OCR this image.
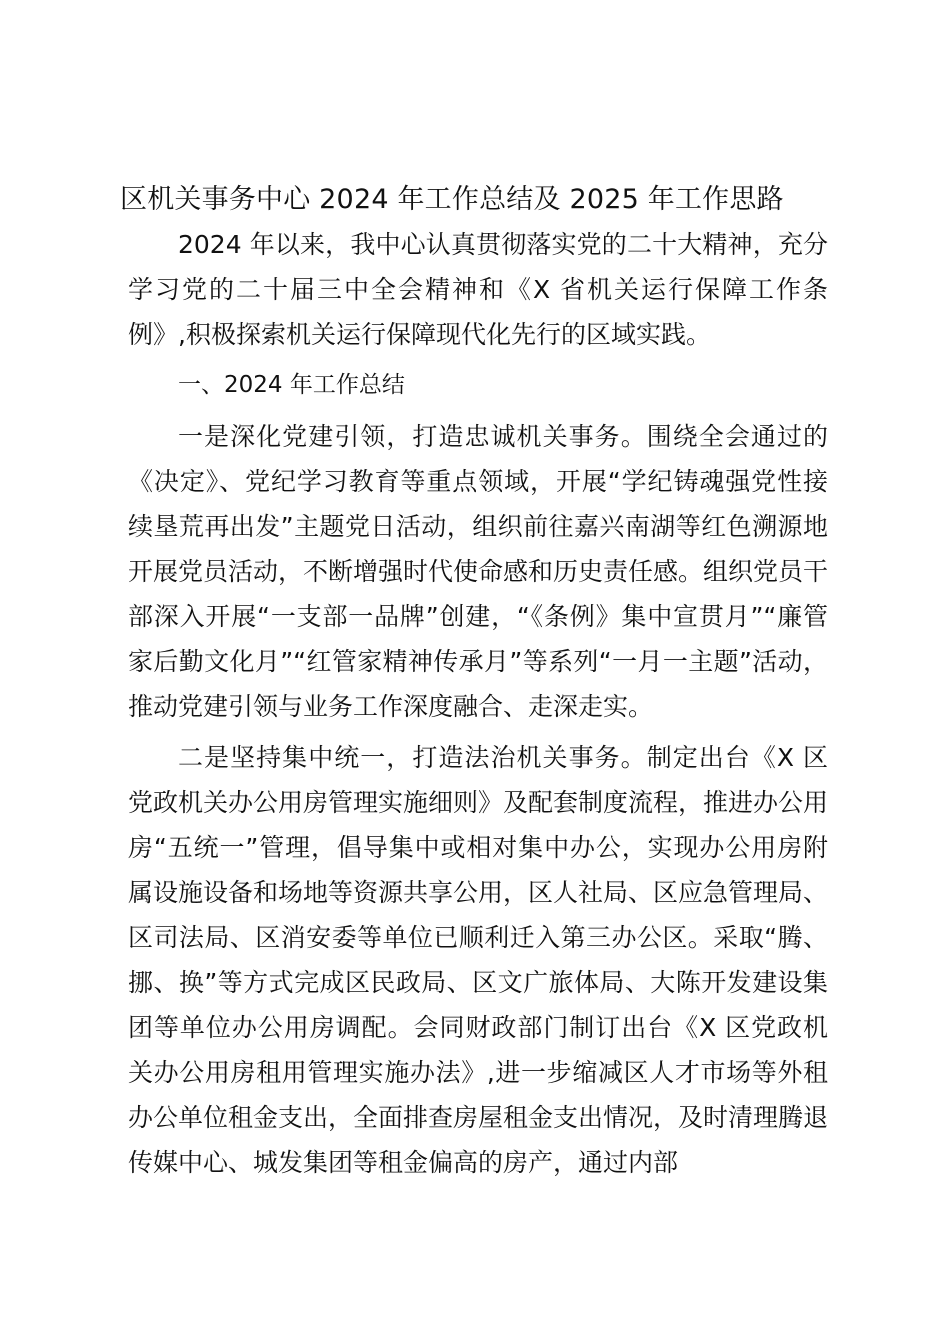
区机关事务中心 2024 年工作总结及 2025 年工作思路

2024 年以来，我中心认真贯彻落实党的二十大精神，充分学习党的二十届三中全会精神和《X 省机关运行保障工作条例》,积极探索机关运行保障现代化先行的区域实践。

一、2024 年工作总结

一是深化党建引领，打造忠诚机关事务。围绕全会通过的《决定》、党纪学习教育等重点领域，开展“学纪铸魂强党性接续垦荒再出发”主题党日活动，组织前往嘉兴南湖等红色溯源地开展党员活动，不断增强时代使命感和历史责任感。组织党员干部深入开展“一支部一品牌”创建，“《条例》集中宣贯月”“廉管家后勤文化月”“红管家精神传承月”等系列“一月一主题”活动，推动党建引领与业务工作深度融合、走深走实。

二是坚持集中统一，打造法治机关事务。制定出台《X 区党政机关办公用房管理实施细则》及配套制度流程，推进办公用房“五统一”管理，倡导集中或相对集中办公，实现办公用房附属设施设备和场地等资源共享公用，区人社局、区应急管理局、区司法局、区消安委等单位已顺利迁入第三办公区。采取“腾、挪、换”等方式完成区民政局、区文广旅体局、大陈开发建设集团等单位办公用房调配。会同财政部门制订出台《X 区党政机关办公用房租用管理实施办法》,进一步缩减区人才市场等外租办公单位租金支出，全面排查房屋租金支出情况，及时清理腾退传媒中心、城发集团等租金偏高的房产，通过内部
